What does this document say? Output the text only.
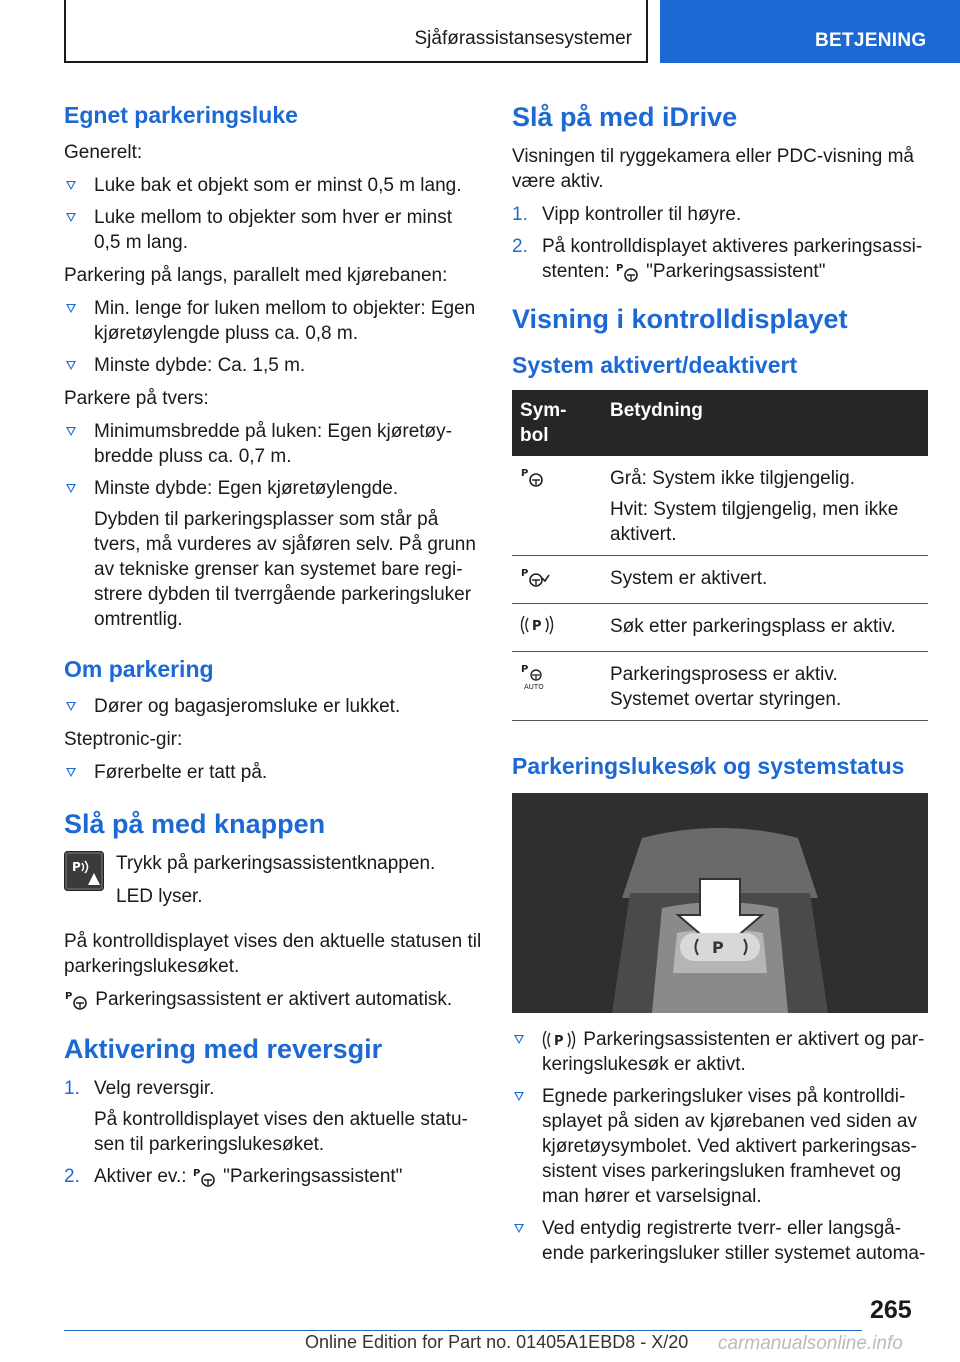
Sjåførassistansesystemer	BETJENING
Egnet parkeringsluke

Generelt:

Luke bak et objekt som er minst 0,5 m lang.
Luke mellom to objekter som hver er minst 0,5 m lang.

Parkering på langs, parallelt med kjørebanen:

Min. lenge for luken mellom to objekter: Egen kjøretøylengde pluss ca. 0,8 m.
Minste dybde: Ca. 1,5 m.

Parkere på tvers:

Minimumsbredde på luken: Egen kjøretøy-bredde pluss ca. 0,7 m.
Minste dybde: Egen kjøretøylengde.
Dybden til parkeringsplasser som står på tvers, må vurderes av sjåføren selv. På grunn av tekniske grenser kan systemet bare regi-strere dybden til tverrgående parkeringsluker omtrentlig.
Om parkering
Dører og bagasjeromsluke er lukket.

Steptronic-gir:

Førerbelte er tatt på.
Slå på med knappen
P Trykk på parkeringsassistentknappen.

LED lyser.

På kontrolldisplayet vises den aktuelle statusen til parkeringslukesøket.

P Parkeringsassistent er aktivert automatisk.

Aktivering med reversgir
1. Velg reversgir.
På kontrolldisplayet vises den aktuelle statu-sen til parkeringslukesøket.
2. Aktiver ev.: P "Parkeringsassistent"
Slå på med iDrive

Visningen til ryggekamera eller PDC-visning må være aktiv.

1. Vipp kontroller til høyre.
2. På kontrolldisplayet aktiveres parkeringsassi-stenten: P "Parkeringsassistent"
Visning i kontrolldisplayet
System aktivert/deaktivert
Sym-bol	Betydning

P	Grå: System ikke tilgjengelig.
Hvit: System tilgjengelig, men ikke aktivert.

P	System er aktivert.

P	Søk etter parkeringsplass er aktiv.

P
AUTO	Parkeringsprosess er aktiv. Systemet overtar styringen.
Parkeringslukesøk og systemstatus
P
P Parkeringsassistenten er aktivert og par-keringslukesøk er aktivt.
Egnede parkeringsluker vises på kontrolldi-splayet på siden av kjørebanen ved siden av kjøretøysymbolet. Ved aktivert parkeringsas-sistent vises parkeringsluken framhevet og man hører et varselsignal.
Ved entydig registrerte tverr- eller langsgå-ende parkeringsluker stiller systemet automa-
265
Online Edition for Part no. 01405A1EBD8 - X/20 carmanualsonline.info
